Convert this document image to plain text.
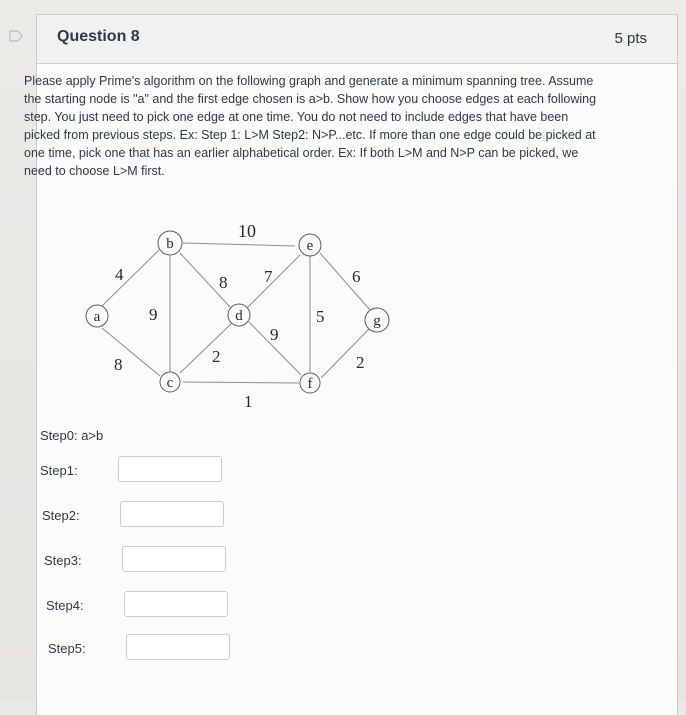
Question 8	5 pts
Please apply Prime's algorithm on the following graph and generate a minimum spanning tree. Assume the starting node is "a" and the first edge chosen is a>b. Show how you choose edges at each following step. You just need to pick one edge at one time. You do not need to include edges that have been picked from previous steps. Ex: Step 1: L>M Step2: N>P...etc. If more than one edge could be picked at one time, pick one that has an earlier alphabetical order. Ex: If both L>M and N>P can be picked, we need to choose L>M first.
4
8
9
10
8
2
1
7
9
5
6
2
a
b
c
d
e
f
g
Step0: a>b
Step1:
Step2:
Step3:
Step4:
Step5:
